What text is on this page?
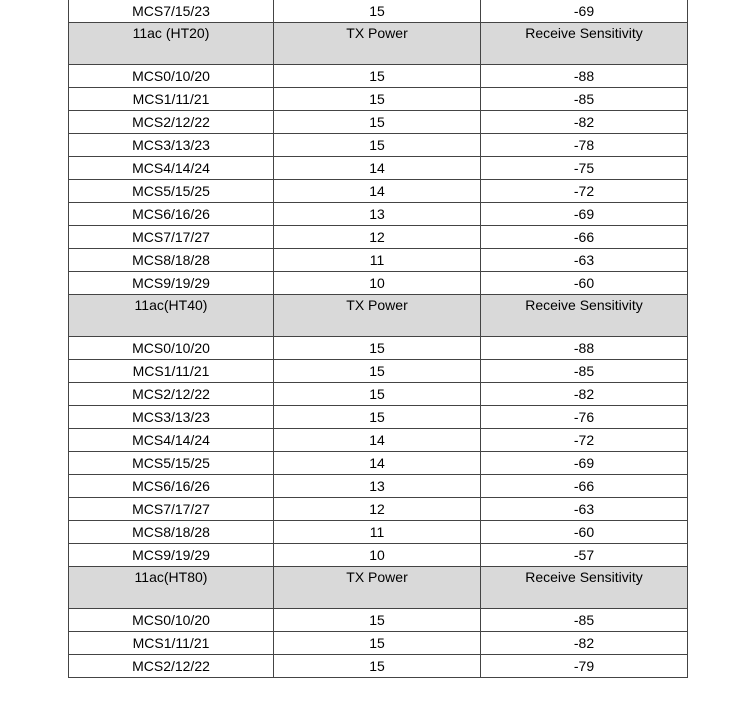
MCS7/15/23	15	-69
11ac (HT20)	TX Power	Receive Sensitivity
MCS0/10/20	15	-88
MCS1/11/21	15	-85
MCS2/12/22	15	-82
MCS3/13/23	15	-78
MCS4/14/24	14	-75
MCS5/15/25	14	-72
MCS6/16/26	13	-69
MCS7/17/27	12	-66
MCS8/18/28	11	-63
MCS9/19/29	10	-60
11ac(HT40)	TX Power	Receive Sensitivity
MCS0/10/20	15	-88
MCS1/11/21	15	-85
MCS2/12/22	15	-82
MCS3/13/23	15	-76
MCS4/14/24	14	-72
MCS5/15/25	14	-69
MCS6/16/26	13	-66
MCS7/17/27	12	-63
MCS8/18/28	11	-60
MCS9/19/29	10	-57
11ac(HT80)	TX Power	Receive Sensitivity
MCS0/10/20	15	-85
MCS1/11/21	15	-82
MCS2/12/22	15	-79
